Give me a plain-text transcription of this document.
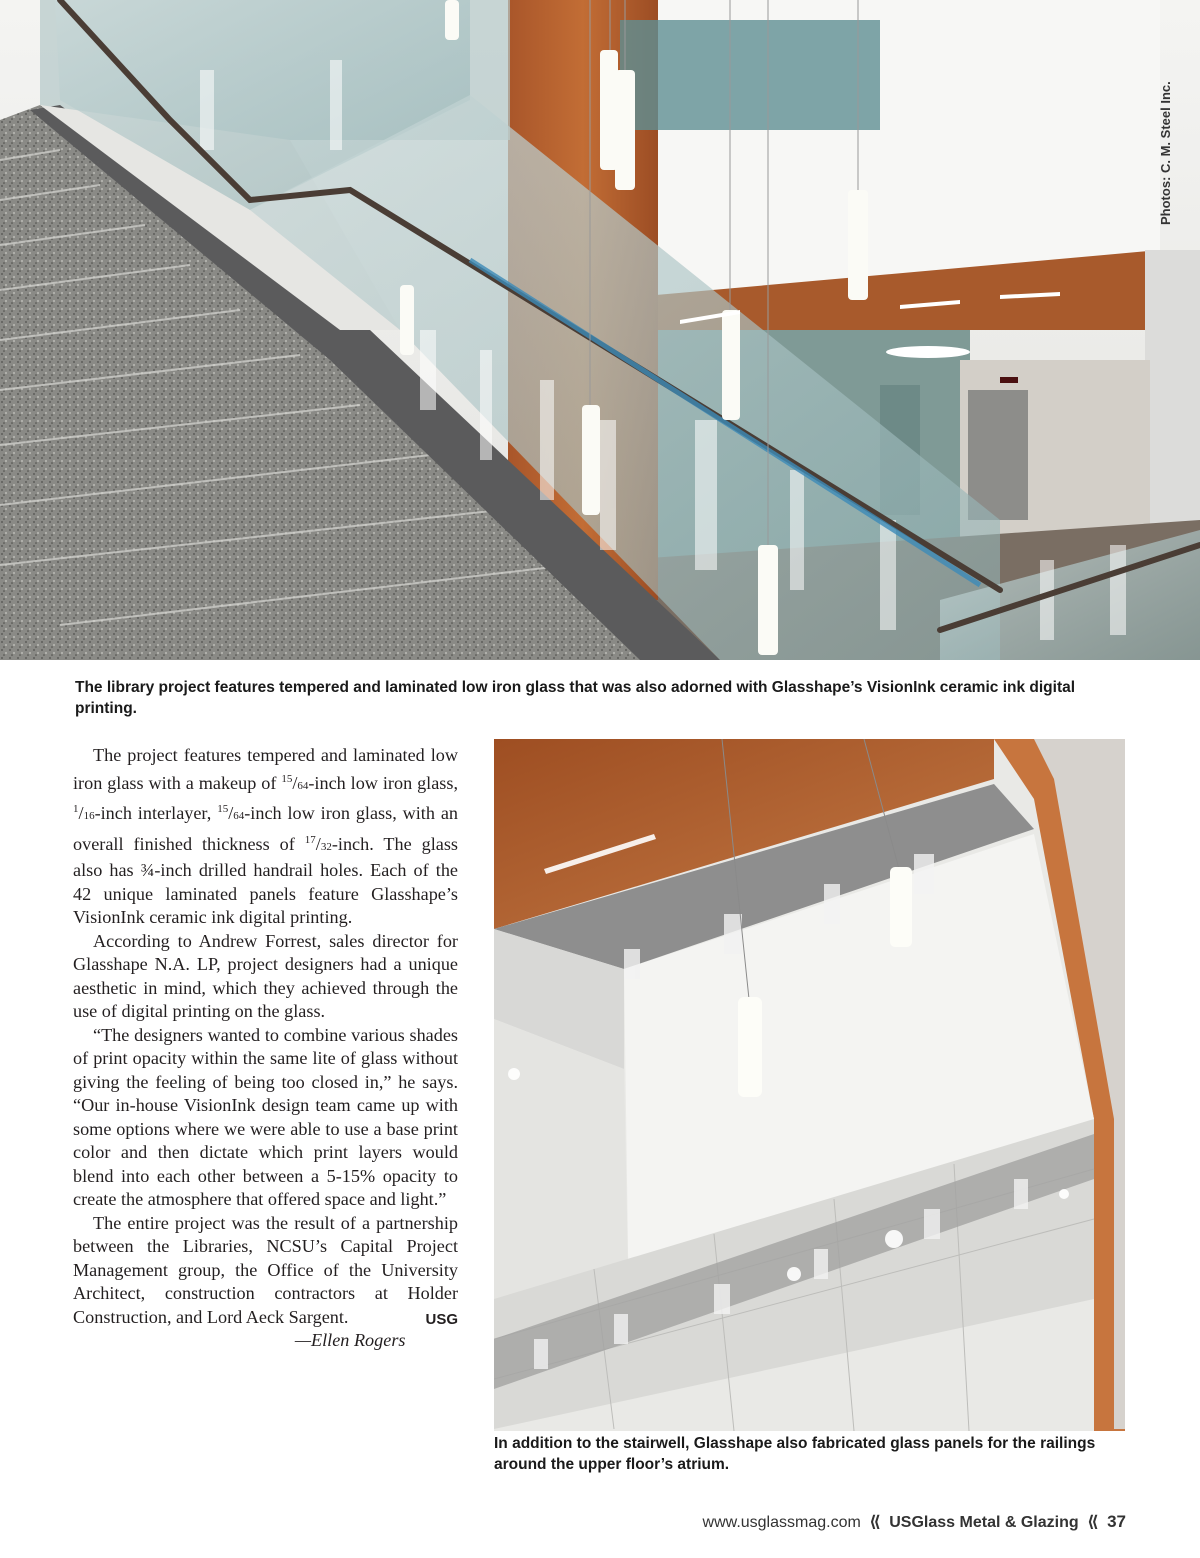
Photos: C. M. Steel Inc.
The library project features tempered and laminated low iron glass that was also adorned with Glasshape’s VisionInk ceramic ink digital printing.

The project features tempered and laminated low iron glass with a makeup of $^{15}$/64-inch low iron glass, $^1$/16-inch interlayer, $^{15}$/64-inch low iron glass, with an overall finished thickness of $^{17}$/32-inch. The glass also has ¾-inch drilled handrail holes. Each of the 42 unique laminated panels feature Glasshape’s VisionInk ceramic ink digital printing.

According to Andrew Forrest, sales director for Glasshape N.A. LP, project designers had a unique aesthetic in mind, which they achieved through the use of digital printing on the glass.

“The designers wanted to combine various shades of print opacity within the same lite of glass without giving the feeling of being too closed in,” he says. “Our in-house VisionInk design team came up with some options where we were able to use a base print color and then dictate which print layers would blend into each other between a 5-15% opacity to create the atmosphere that offered space and light.”

The entire project was the result of a partnership between the Libraries, NCSU’s Capital Project Management group, the Office of the University Architect, construction contractors at Holder Construction, and Lord Aeck Sargent.	USG

—Ellen Rogers

In addition to the stairwell, Glasshape also fabricated glass panels for the railings around the upper floor’s atrium.
www.usglassmag.com ⟪ USGlass Metal & Glazing ⟪ 37
